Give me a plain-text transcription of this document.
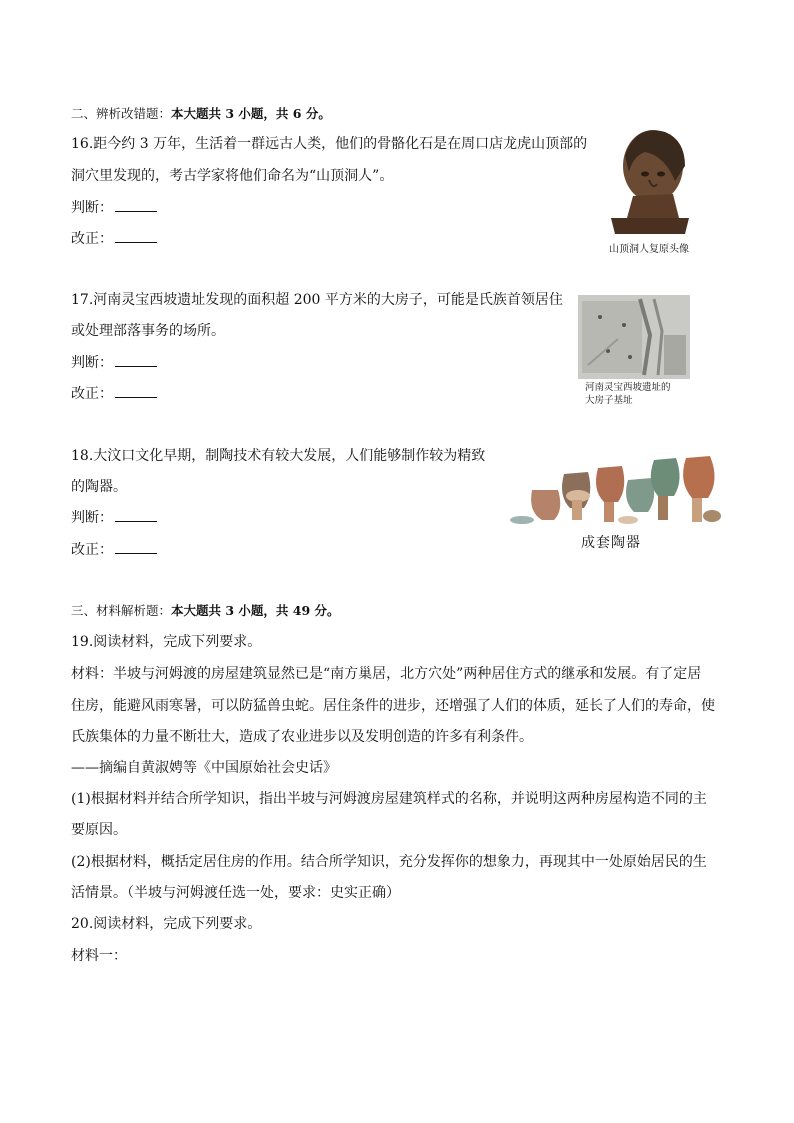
二、辨析改错题：本大题共 3 小题，共 6 分。
16.距今约 3 万年，生活着一群远古人类，他们的骨骼化石是在周口店龙虎山顶部的
洞穴里发现的，考古学家将他们命名为“山顶洞人”。
判断：
改正：
山顶洞人复原头像
17.河南灵宝西坡遗址发现的面积超 200 平方米的大房子，可能是氏族首领居住
或处理部落事务的场所。
判断：
改正：	河南灵宝西坡遗址的
大房子基址
18.大汶口文化早期，制陶技术有较大发展，人们能够制作较为精致
的陶器。
判断：
改正：	成套陶器
三、材料解析题：本大题共 3 小题，共 49 分。
19.阅读材料，完成下列要求。
材料：半坡与河姆渡的房屋建筑显然已是“南方巢居，北方穴处”两种居住方式的继承和发展。有了定居
住房，能避风雨寒暑，可以防猛兽虫蛇。居住条件的进步，还增强了人们的体质，延长了人们的寿命，使
氏族集体的力量不断壮大，造成了农业进步以及发明创造的许多有利条件。
——摘编自黄淑娉等《中国原始社会史话》
(1)根据材料并结合所学知识，指出半坡与河姆渡房屋建筑样式的名称，并说明这两种房屋构造不同的主
要原因。
(2)根据材料，概括定居住房的作用。结合所学知识，充分发挥你的想象力，再现其中一处原始居民的生
活情景。（半坡与河姆渡任选一处，要求：史实正确）
20.阅读材料，完成下列要求。
材料一：
